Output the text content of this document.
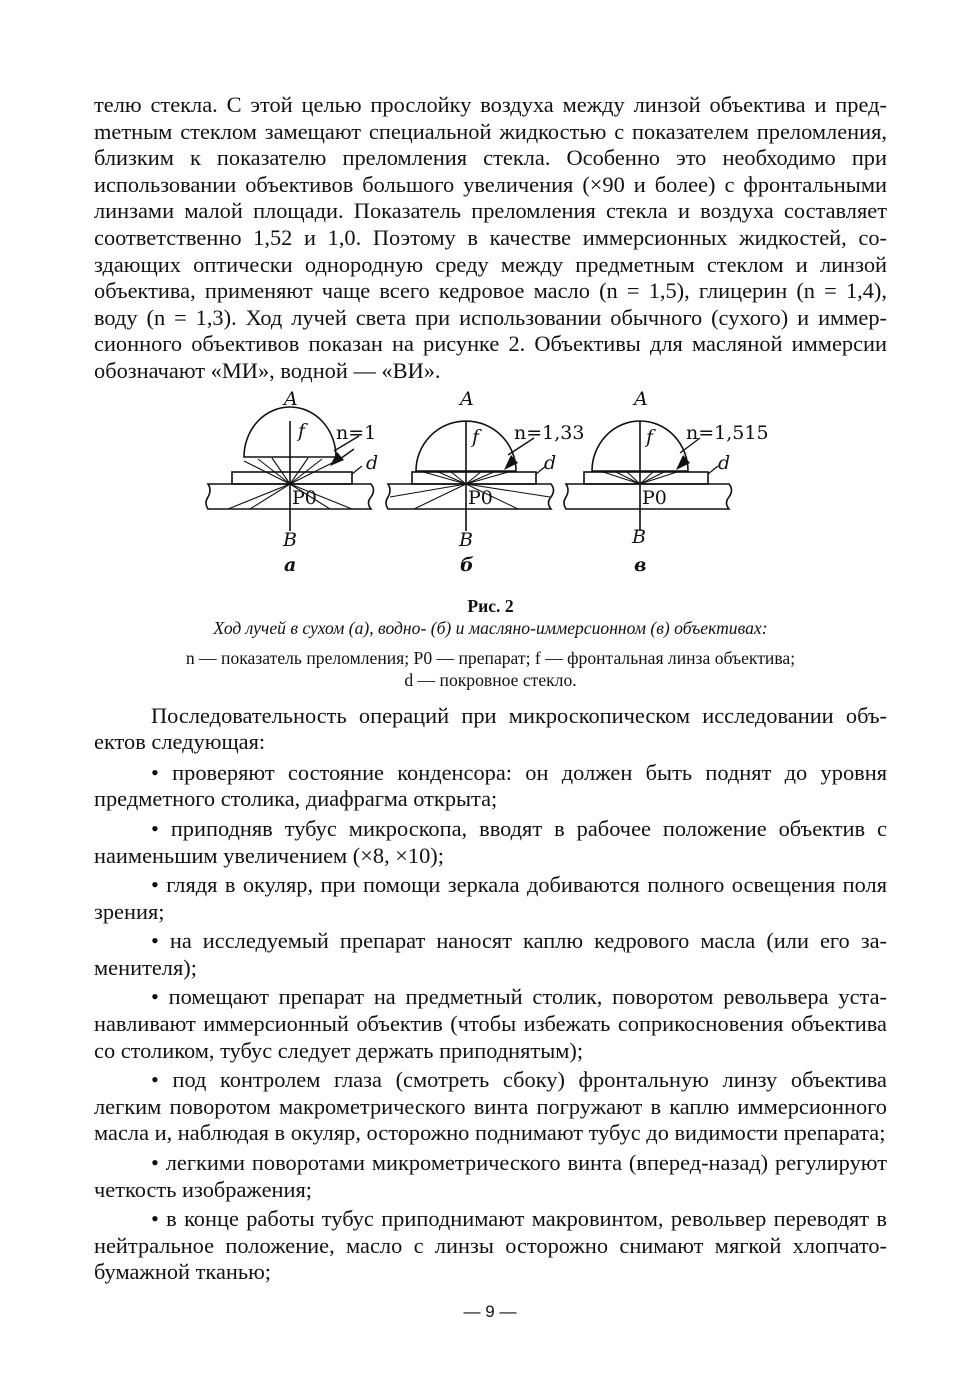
телю стекла. С этой целью прослойку воздуха между линзой объектива и предmетным стеклом замещают специальной жидкостью с показателем преломления, близким к показателю преломления стекла. Особенно это необходимо при использовании объективов большого увеличения (×90 и более) с фронтальными линзами малой площади. Показатель преломления стекла и воздуха составляет соответственно 1,52 и 1,0. Поэтому в качестве иммерсионных жидкостей, создающих оптически однородную среду между предметным стеклом и линзой объектива, применяют чаще всего кедровое масло (n = 1,5), глицерин (n = 1,4), воду (n = 1,3). Ход лучей света при использовании обычного (сухого) и иммерсионного объективов показан на рисунке 2. Объективы для масляной иммерсии обозначают «МИ», водной — «ВИ».

A
f n=1
d
P0
B
а
A
f n=1,33
d
P0
B
б
A
f n=1,515
d
P0
B
в
Рис. 2
Ход лучей в сухом (а), водно- (б) и масляно-иммерсионном (в) объективах:
n — показатель преломления; P0 — препарат; f — фронтальная линза объектива;
d — покровное стекло.

Последовательность операций при микроскопическом исследовании объектов следующая:

• проверяют состояние конденсора: он должен быть поднят до уровня предметного столика, диафрагма открыта;

• приподняв тубус микроскопа, вводят в рабочее положение объектив с наименьшим увеличением (×8, ×10);

• глядя в окуляр, при помощи зеркала добиваются полного освещения поля зрения;

• на исследуемый препарат наносят каплю кедрового масла (или его заменителя);

• помещают препарат на предметный столик, поворотом револьвера устанавливают иммерсионный объектив (чтобы избежать соприкосновения объектива со столиком, тубус следует держать приподнятым);

• под контролем глаза (смотреть сбоку) фронтальную линзу объектива легким поворотом макрометрического винта погружают в каплю иммерсионного масла и, наблюдая в окуляр, осторожно поднимают тубус до видимости препарата;

• легкими поворотами микрометрического винта (вперед-назад) регулируют четкость изображения;

• в конце работы тубус приподнимают макровинтом, револьвер переводят в нейтральное положение, масло с линзы осторожно снимают мягкой хлопчатобумажной тканью;

— 9 —
